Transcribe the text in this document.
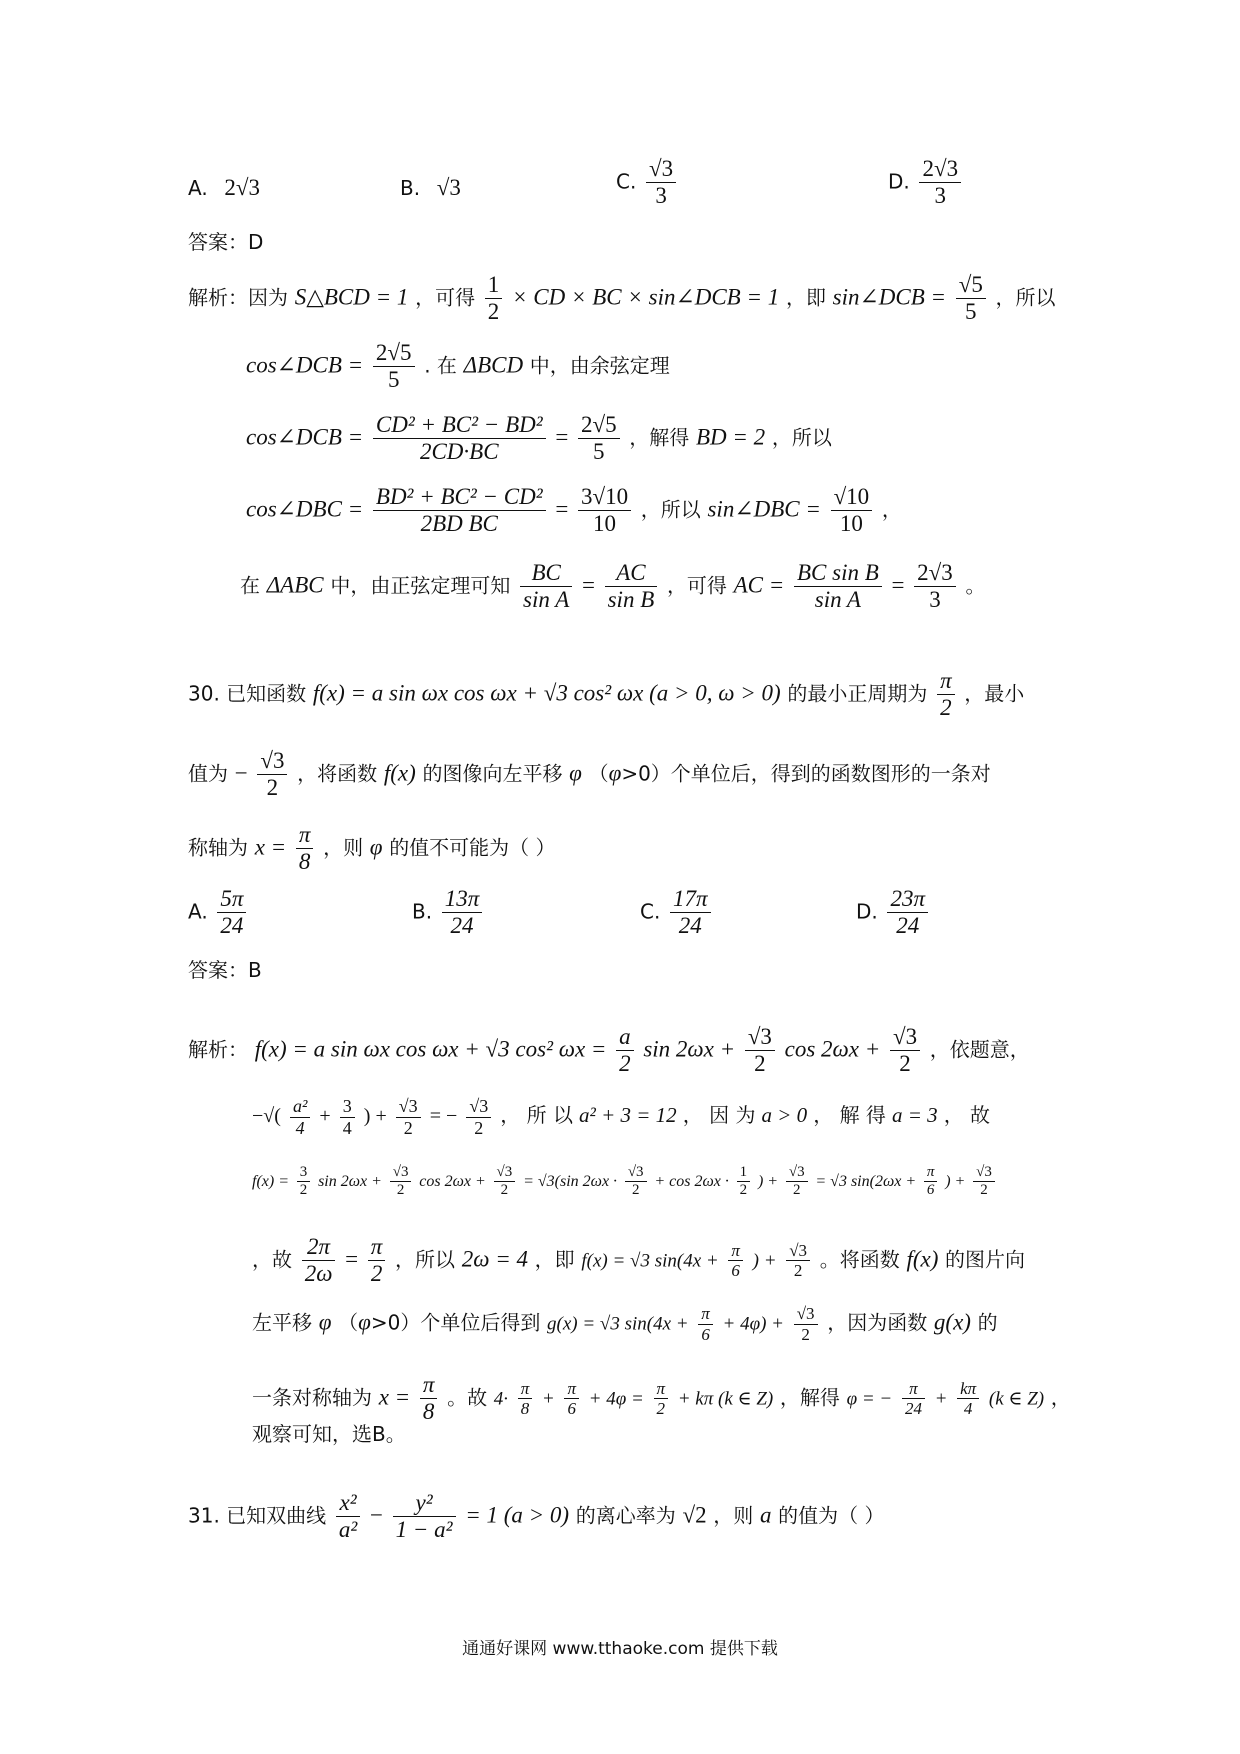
A. 2√3	B. √3	C. $\frac{√3}{3}$	D. $\frac{2√3}{3}$
答案：D
解析：因为 S△BCD = 1 ，可得 $\frac{1}{2}$ × CD × BC × sin∠DCB = 1 ，即 sin∠DCB = $\frac{√5}{5}$ ，所以
cos∠DCB = $\frac{2√5}{5}$ . 在 ΔBCD 中，由余弦定理
cos∠DCB = $\frac{\text{CD² + BC² − BD²}}{2CD\cdot BC} = \frac{2√5}{5}$ ，解得 BD = 2 ，所以
cos∠DBC = $\frac{\text{BD² + BC² − CD²}}{\text{2BD BC}} = \frac{3√10}{10}$ ，所以 sin∠DBC = $\frac{√10}{10}$ ，
在 ΔABC 中，由正弦定理可知 $\frac{BC}{\text{sin A}} = \frac{AC}{\text{sin B}}$ ，可得 AC = $\frac{\text{BC sin B}}{\text{sin A}} = \frac{2√3}{3}$ 。
30. 已知函数 f(x) = a sin ωx cos ωx + √3 cos² ωx (a > 0, ω > 0) 的最小正周期为 $\frac{\pi}{2}$ ，最小
值为 − $\frac{√3}{2}$ ，将函数 f(x) 的图像向左平移 φ （φ>0）个单位后，得到的函数图形的一条对
称轴为 $x = \frac{\pi}{8}$ ，则 φ 的值不可能为（ ）
A. $\frac{5\pi}{24}$	B. $\frac{13\pi}{24}$	C. $\frac{17\pi}{24}$	D. $\frac{23\pi}{24}$
答案：B
解析： f(x) = a sin ωx cos ωx + √3 cos² $\omega x = \frac{a}{2}$ $\sin 2\omega x + \frac{√3}{2}$ $\cos 2\omega x + \frac{√3}{2}$ ，依题意，
−√( $\frac{\text{a²}}{4} + \frac{3}{4}$ ) + $\frac{√3}{2}$ = − $\frac{√3}{2}$ ， 所 以 a² + 3 = 12 ， 因 为 a > 0 ， 解 得 a = 3 ， 故
$f(x) = \frac{3}{2}$ $\sin 2\omega x + \frac{√3}{2}$ $\cos 2\omega x + \frac{√3}{2} = √3(\sin$ $2\omega x \cdot \frac{√3}{2} + \cos 2\omega x \cdot \frac{1}{2}$ ) + $\frac{√3}{2} = √3$ $\sin(2\omega x + \frac{\pi}{6}$ ) + $\frac{√3}{2}$
，故 $\frac{2\pi}{2\omega} = \frac{\pi}{2}$ ，所以 2ω = 4 ，即 f(x) = √3 $\sin(4x + \frac{\pi}{6}$ ) + $\frac{√3}{2}$ 。将函数 f(x) 的图片向
左平移 φ （φ>0）个单位后得到 g(x) = √3 $\sin(4x + \frac{\pi}{6} + 4\varphi) + \frac{√3}{2}$ ，因为函数 g(x) 的
一条对称轴为 $x = \frac{\pi}{8}$ 。故 $4\cdot \frac{\pi}{8} + \frac{\pi}{6} + 4\varphi = \frac{\pi}{2} + k\pi$ (k ∈ Z) ，解得 φ = − $\frac{\pi}{24} + \frac{k\pi}{4} (k$ ∈ Z) ，
观察可知，选B。
31. 已知双曲线 $\frac{\text{x²}}{\text{a²}} - \frac{\text{y²}}{\text{1 − a²}} = 1$ (a > 0) 的离心率为 √2 ，则 a 的值为（ ）
通通好课网 www.tthaoke.com 提供下载
